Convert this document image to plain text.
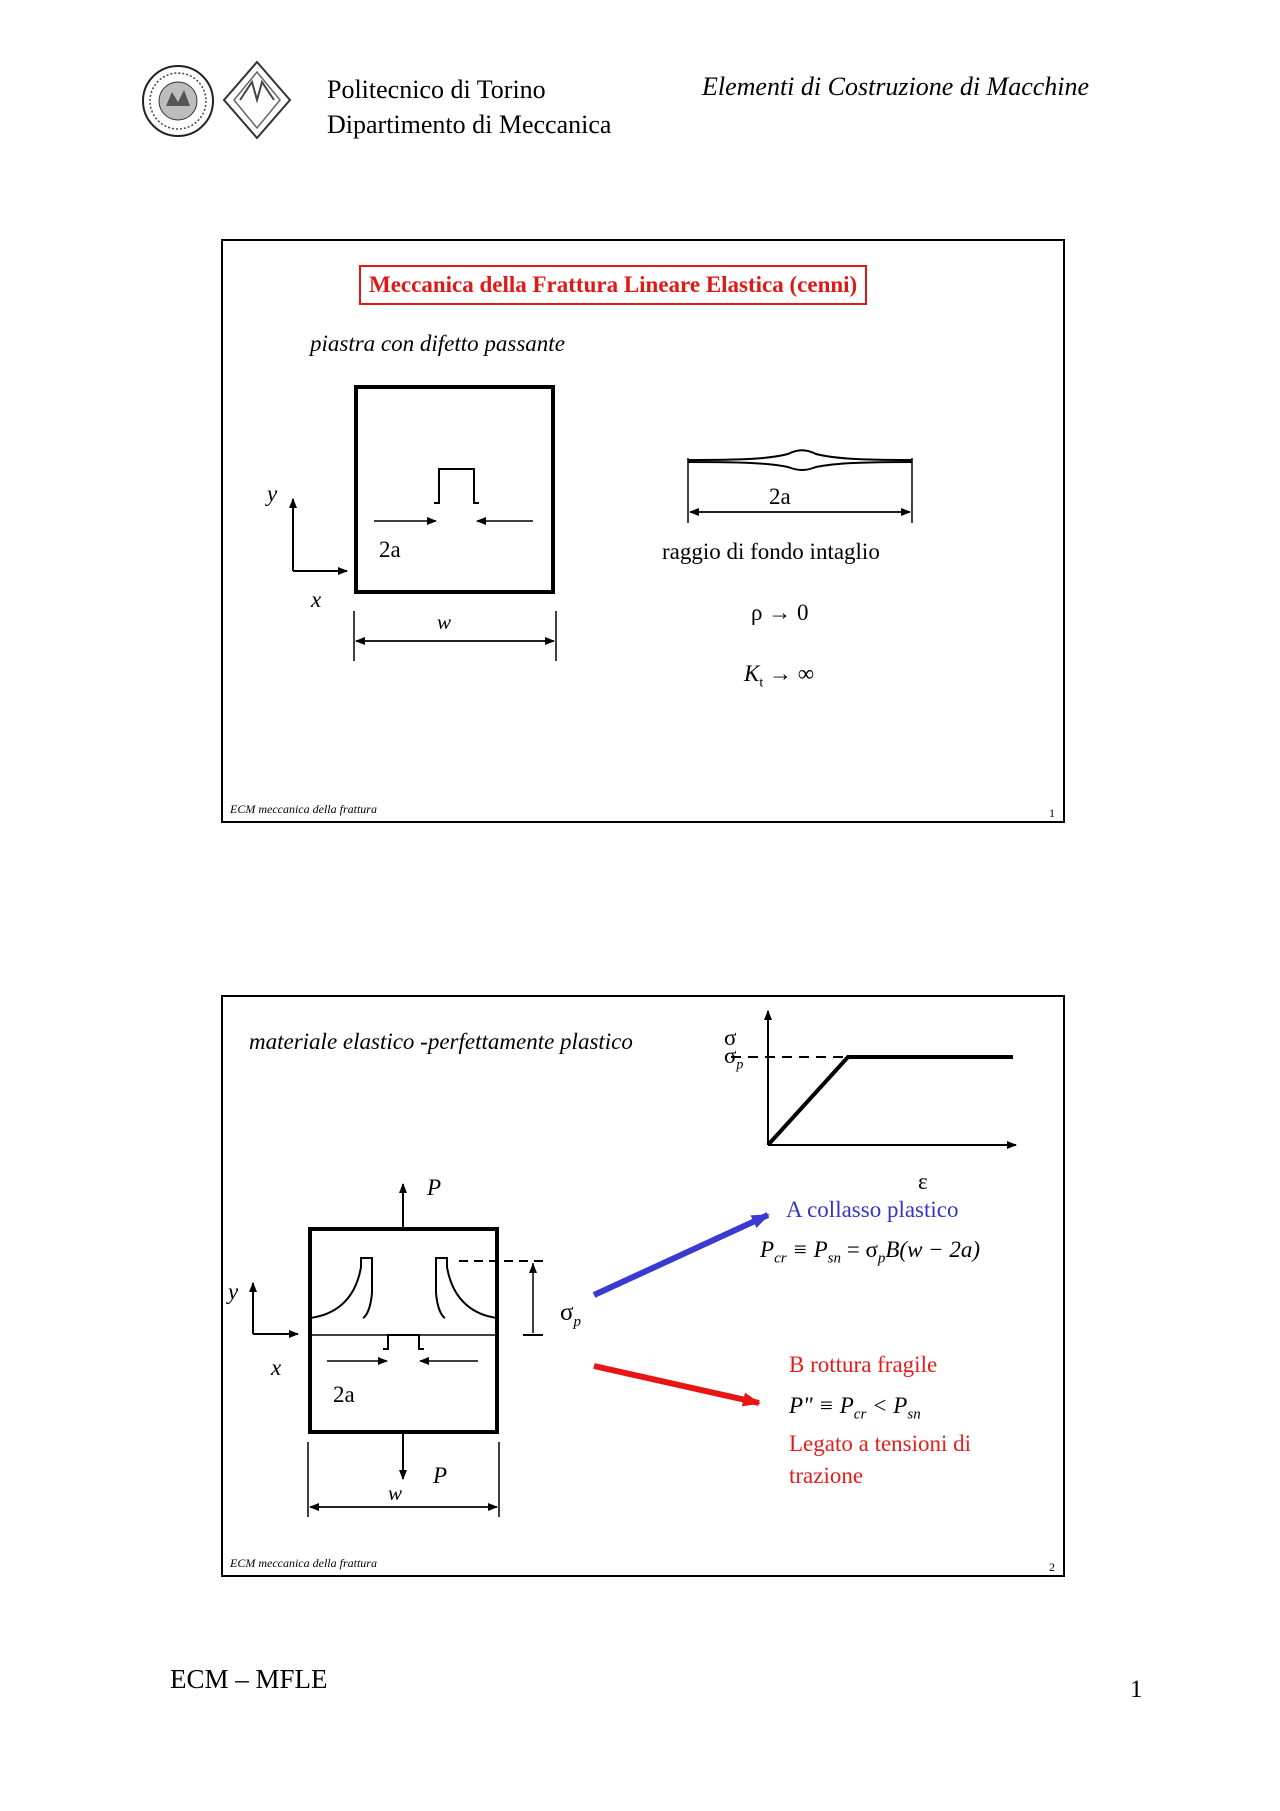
Politecnico di Torino
Dipartimento di Meccanica
Elementi di Costruzione di Macchine
Meccanica della Frattura Lineare Elastica (cenni)
piastra con difetto passante
y
x
2a
w
2a
raggio di fondo intaglio
ρ → 0
$K_t$ → ∞
ECM meccanica della frattura	1
materiale elastico -perfettamente plastico	σ
$\sigma_p$
ε
P
P
y
x
2a
w
$\sigma_p$
A collasso plastico
$P_{cr} \equiv P_{sn} = \sigma_pB(w - 2a)$
B rottura fragile
P" ≡ $P_{cr} < P_{sn}$
Legato a tensioni di
trazione
ECM meccanica della frattura	2
ECM – MFLE	1
